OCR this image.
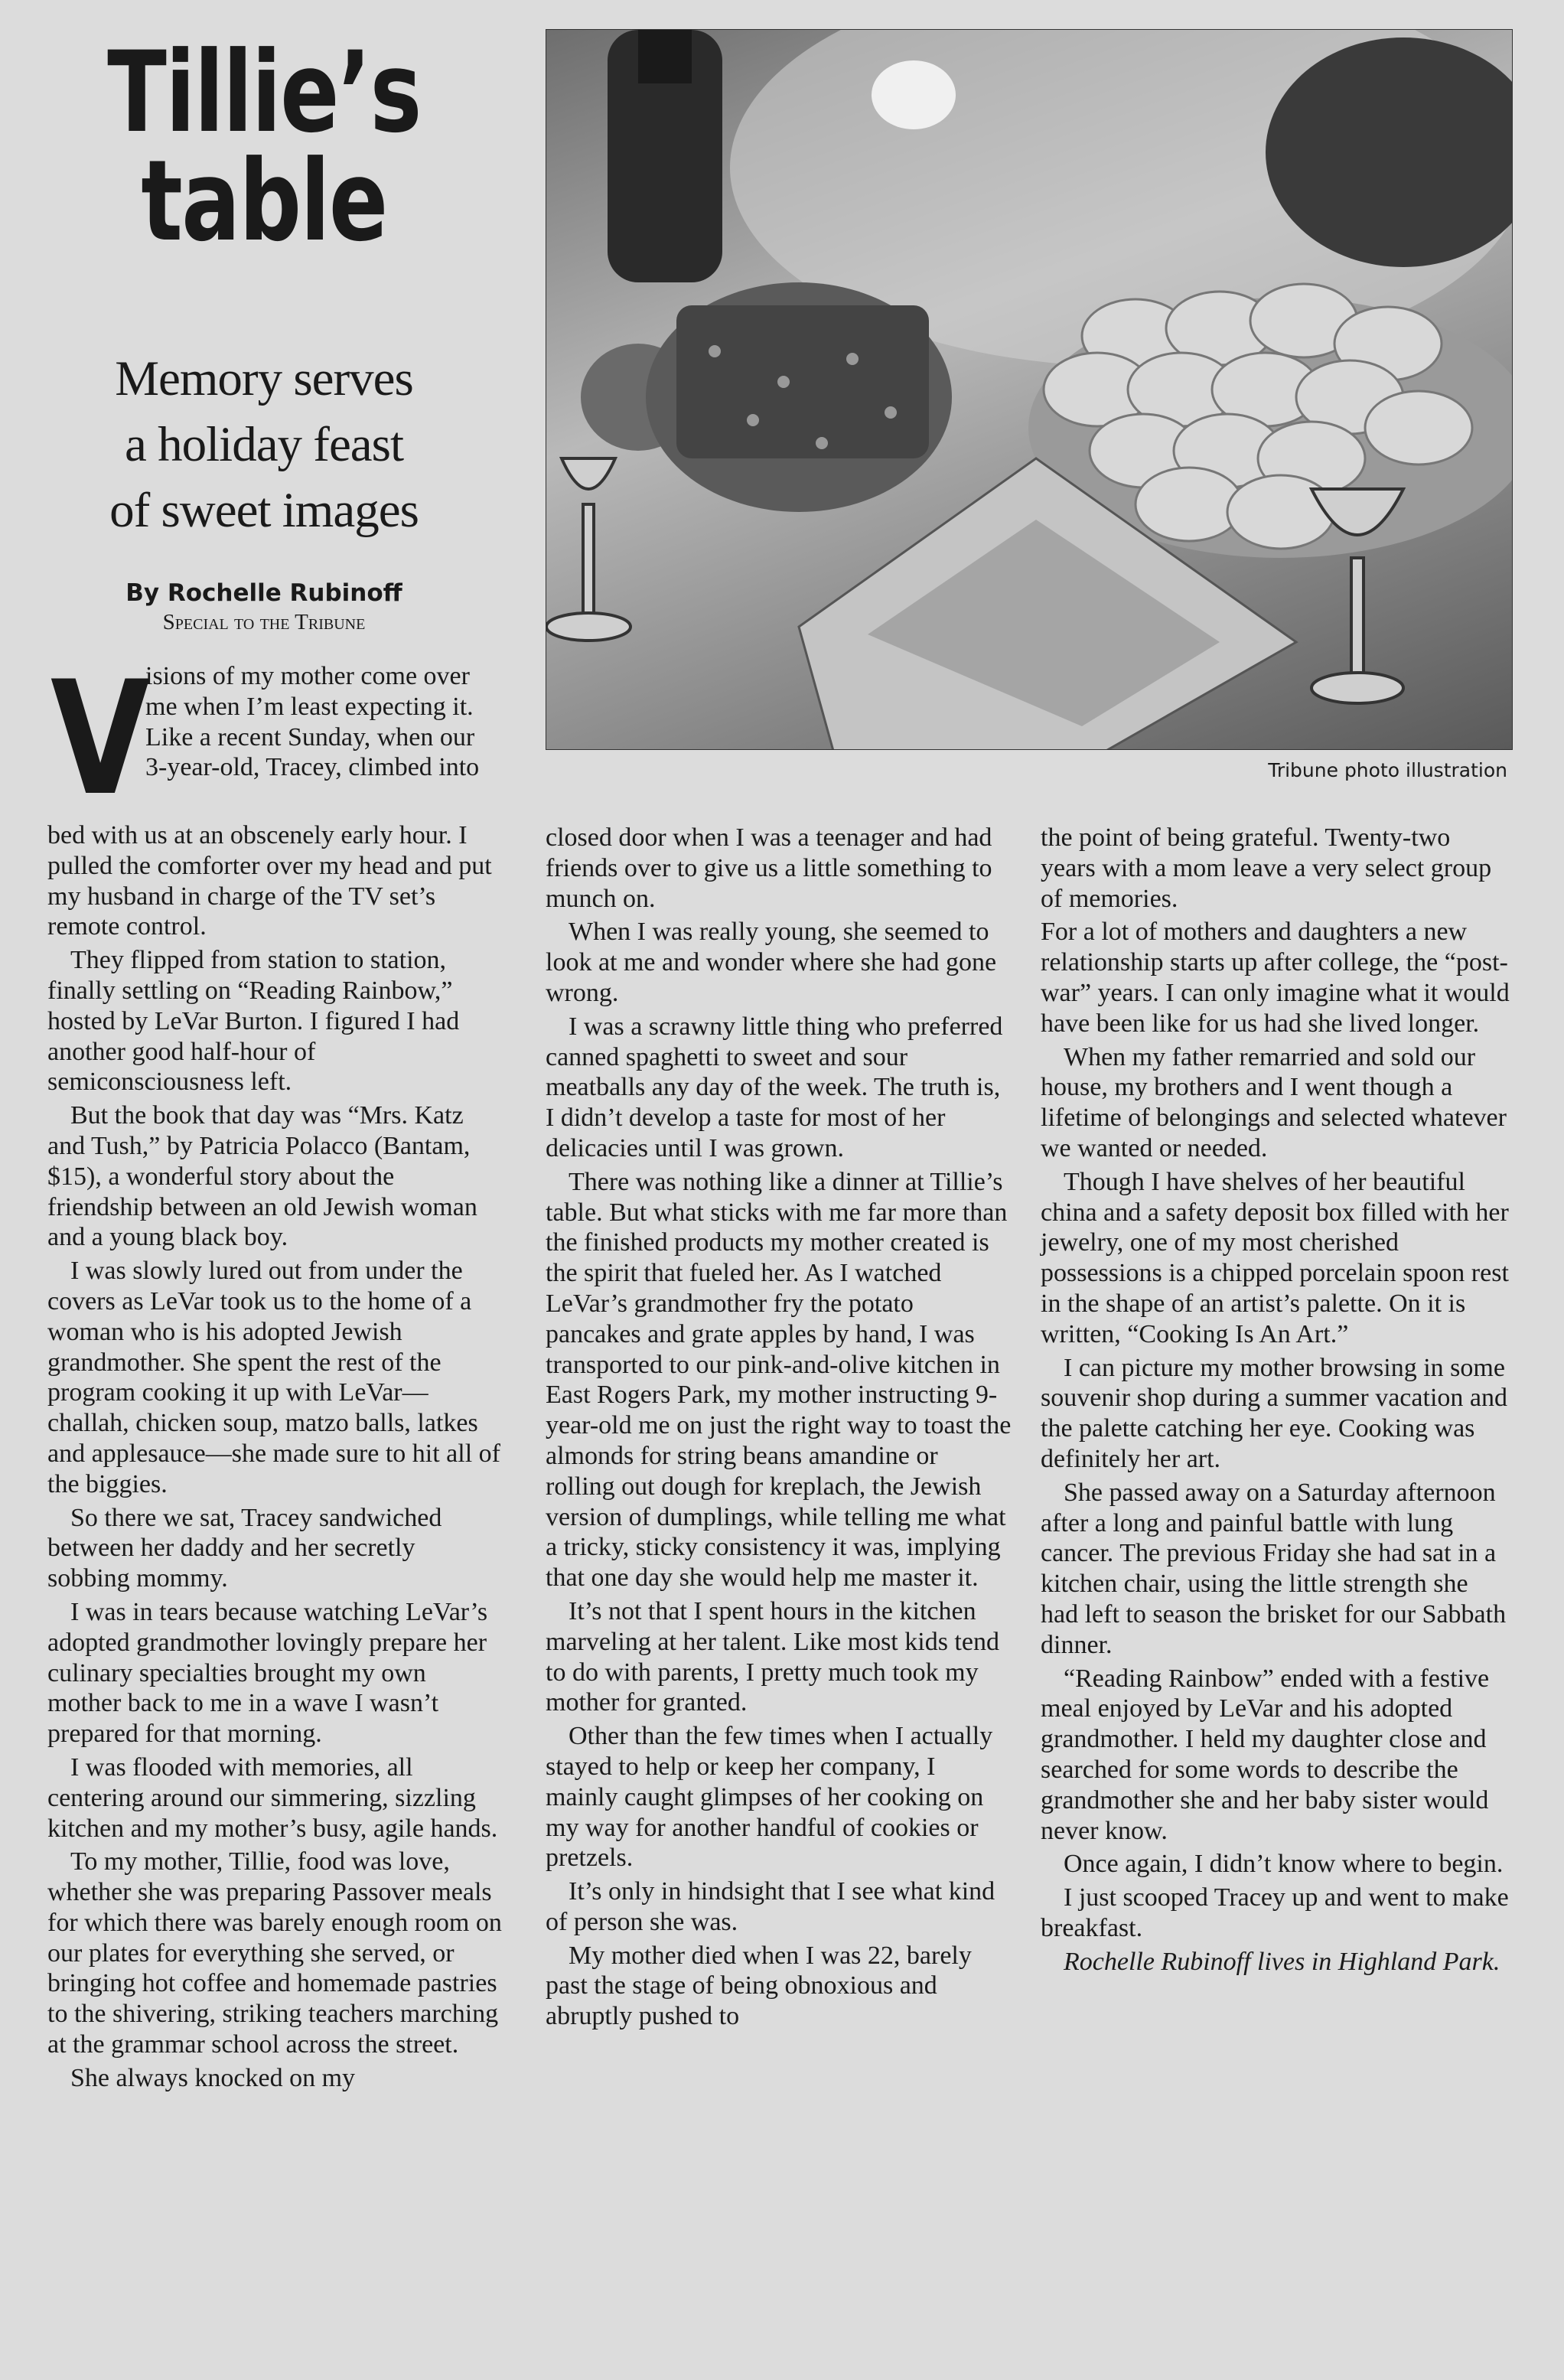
Tillie’s
table
Memory serves
a holiday feast
of sweet images
By Rochelle Rubinoff
Special to the Tribune
Tribune photo illustration
V
isions of my mother come over me when I’m least expecting it. Like a recent Sunday, when our 3-year-old, Tracey, climbed into

bed with us at an obscenely early hour. I pulled the comforter over my head and put my husband in charge of the TV set’s remote control.

They flipped from station to station, finally settling on “Reading Rainbow,” hosted by LeVar Burton. I figured I had another good half-hour of semiconsciousness left.

But the book that day was “Mrs. Katz and Tush,” by Patricia Polacco (Bantam, $15), a wonderful story about the friendship between an old Jewish woman and a young black boy.

I was slowly lured out from under the covers as LeVar took us to the home of a woman who is his adopted Jewish grandmother. She spent the rest of the program cooking it up with LeVar—challah, chicken soup, matzo balls, latkes and applesauce—she made sure to hit all of the biggies.

So there we sat, Tracey sandwiched between her daddy and her secretly sobbing mommy.

I was in tears because watching LeVar’s adopted grandmother lovingly prepare her culinary specialties brought my own mother back to me in a wave I wasn’t prepared for that morning.

I was flooded with memories, all centering around our simmering, sizzling kitchen and my mother’s busy, agile hands.

To my mother, Tillie, food was love, whether she was preparing Passover meals for which there was barely enough room on our plates for everything she served, or bringing hot coffee and homemade pastries to the shivering, striking teachers marching at the grammar school across the street.

She always knocked on my

closed door when I was a teenager and had friends over to give us a little something to munch on.

When I was really young, she seemed to look at me and wonder where she had gone wrong.

I was a scrawny little thing who preferred canned spaghetti to sweet and sour meatballs any day of the week. The truth is, I didn’t develop a taste for most of her delicacies until I was grown.

There was nothing like a dinner at Tillie’s table. But what sticks with me far more than the finished products my mother created is the spirit that fueled her. As I watched LeVar’s grandmother fry the potato pancakes and grate apples by hand, I was transported to our pink-and-olive kitchen in East Rogers Park, my mother instructing 9-year-old me on just the right way to toast the almonds for string beans amandine or rolling out dough for kreplach, the Jewish version of dumplings, while telling me what a tricky, sticky consistency it was, implying that one day she would help me master it.

It’s not that I spent hours in the kitchen marveling at her talent. Like most kids tend to do with parents, I pretty much took my mother for granted.

Other than the few times when I actually stayed to help or keep her company, I mainly caught glimpses of her cooking on my way for another handful of cookies or pretzels.

It’s only in hindsight that I see what kind of person she was.

My mother died when I was 22, barely past the stage of being obnoxious and abruptly pushed to

the point of being grateful. Twenty-two years with a mom leave a very select group of memories.

For a lot of mothers and daughters a new relationship starts up after college, the “post-war” years. I can only imagine what it would have been like for us had she lived longer.

When my father remarried and sold our house, my brothers and I went though a lifetime of belongings and selected whatever we wanted or needed.

Though I have shelves of her beautiful china and a safety deposit box filled with her jewelry, one of my most cherished possessions is a chipped porcelain spoon rest in the shape of an artist’s palette. On it is written, “Cooking Is An Art.”

I can picture my mother browsing in some souvenir shop during a summer vacation and the palette catching her eye. Cooking was definitely her art.

She passed away on a Saturday afternoon after a long and painful battle with lung cancer. The previous Friday she had sat in a kitchen chair, using the little strength she had left to season the brisket for our Sabbath dinner.

“Reading Rainbow” ended with a festive meal enjoyed by LeVar and his adopted grandmother. I held my daughter close and searched for some words to describe the grandmother she and her baby sister would never know.

Once again, I didn’t know where to begin.

I just scooped Tracey up and went to make breakfast.

Rochelle Rubinoff lives in Highland Park.
